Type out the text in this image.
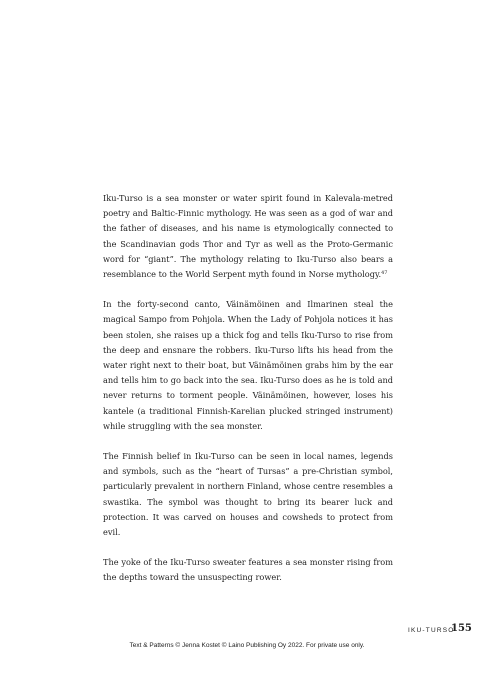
Iku-Turso is a sea monster or water spirit found in Kalevala-metred poetry and Baltic-Finnic mythology. He was seen as a god of war and the father of diseases, and his name is etymologically connected to the Scandinavian gods Thor and Tyr as well as the Proto-Germanic word for “giant”. The mythology relating to Iku-Turso also bears a resemblance to the World Serpent myth found in Norse mythology.$^{47}$

In the forty-second canto, Väinämöinen and Ilmarinen steal the magical Sampo from Pohjola. When the Lady of Pohjola notices it has been stolen, she raises up a thick fog and tells Iku-Turso to rise from the deep and ensnare the robbers. Iku-Turso lifts his head from the water right next to their boat, but Väinämöinen grabs him by the ear and tells him to go back into the sea. Iku-Turso does as he is told and never returns to torment people. Väinämöinen, however, loses his kantele (a traditional Finnish-Karelian plucked stringed instrument) while struggling with the sea monster.

The Finnish belief in Iku-Turso can be seen in local names, legends and symbols, such as the “heart of Tursas” a pre-Christian symbol, particularly prevalent in northern Finland, whose centre resembles a swastika. The symbol was thought to bring its bearer luck and protection. It was carved on houses and cowsheds to protect from evil.

The yoke of the Iku-Turso sweater features a sea monster rising from the depths toward the unsuspecting rower.

IKU-TURSO
155
Text & Patterns © Jenna Kostet © Laino Publishing Oy 2022. For private use only.
